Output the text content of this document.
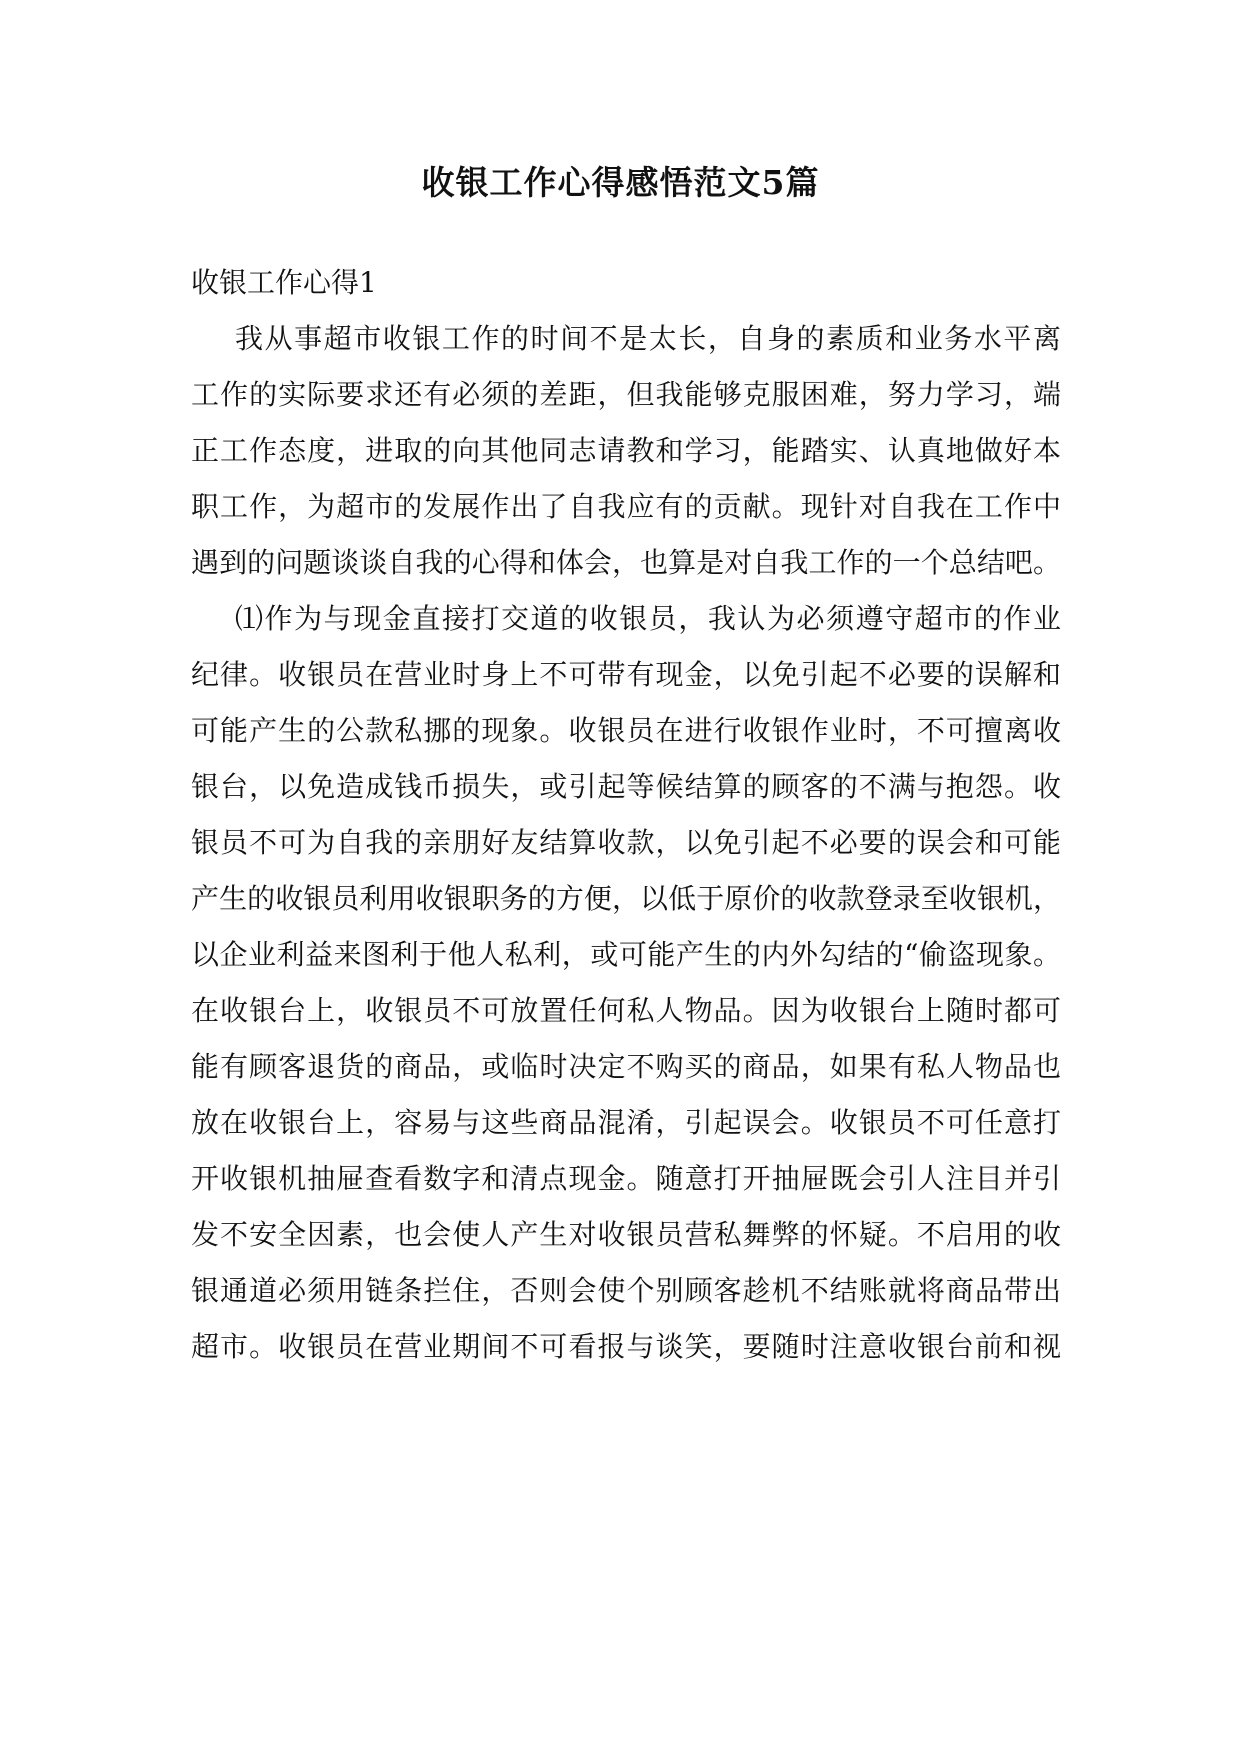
收银工作心得感悟范文5篇
收银工作心得1
我从事超市收银工作的时间不是太长，自身的素质和业务水平离
工作的实际要求还有必须的差距，但我能够克服困难，努力学习，端
正工作态度，进取的向其他同志请教和学习，能踏实、认真地做好本
职工作，为超市的发展作出了自我应有的贡献。现针对自我在工作中
遇到的问题谈谈自我的心得和体会，也算是对自我工作的一个总结吧。
⑴作为与现金直接打交道的收银员，我认为必须遵守超市的作业
纪律。收银员在营业时身上不可带有现金，以免引起不必要的误解和
可能产生的公款私挪的现象。收银员在进行收银作业时，不可擅离收
银台，以免造成钱币损失，或引起等候结算的顾客的不满与抱怨。收
银员不可为自我的亲朋好友结算收款，以免引起不必要的误会和可能
产生的收银员利用收银职务的方便，以低于原价的收款登录至收银机，
以企业利益来图利于他人私利，或可能产生的内外勾结的“偷盗现象。
在收银台上，收银员不可放置任何私人物品。因为收银台上随时都可
能有顾客退货的商品，或临时决定不购买的商品，如果有私人物品也
放在收银台上，容易与这些商品混淆，引起误会。收银员不可任意打
开收银机抽屉查看数字和清点现金。随意打开抽屉既会引人注目并引
发不安全因素，也会使人产生对收银员营私舞弊的怀疑。不启用的收
银通道必须用链条拦住，否则会使个别顾客趁机不结账就将商品带出
超市。收银员在营业期间不可看报与谈笑，要随时注意收银台前和视
